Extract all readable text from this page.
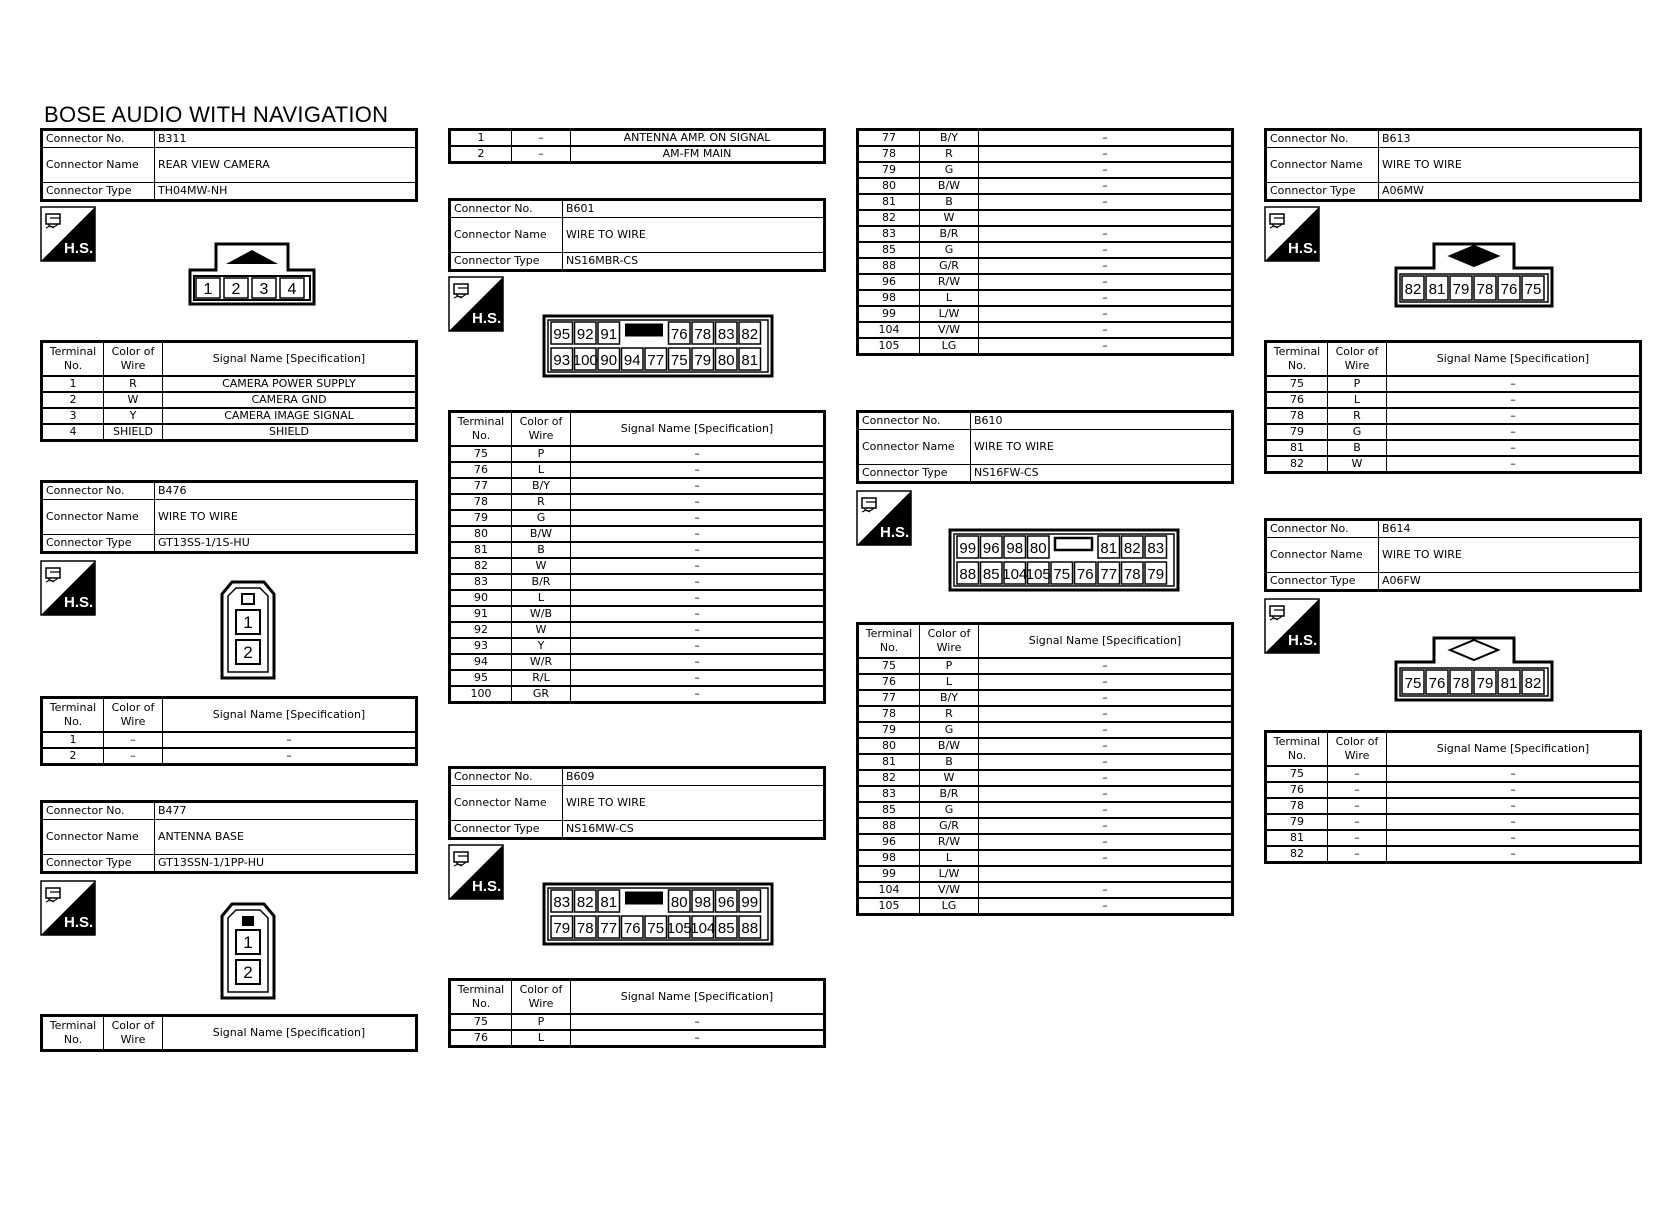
BOSE AUDIO WITH NAVIGATION
Connector No.	B311
Connector Name	REAR VIEW CAMERA
Connector Type	TH04MW-NH
H.S.
1 2 3 4
Terminal No.	Color of Wire	Signal Name [Specification]
1	R	CAMERA POWER SUPPLY
2	W	CAMERA GND
3	Y	CAMERA IMAGE SIGNAL
4	SHIELD	SHIELD
Connector No.	B476
Connector Name	WIRE TO WIRE
Connector Type	GT13SS-1/1S-HU
H.S.
1
2
Terminal No.	Color of Wire	Signal Name [Specification]
1	–	–
2	–	–
Connector No.	B477
Connector Name	ANTENNA BASE
Connector Type	GT13SSN-1/1PP-HU
H.S.
1
2
Terminal No.	Color of Wire	Signal Name [Specification]
1	–	ANTENNA AMP. ON SIGNAL
2	–	AM-FM MAIN
Connector No.	B601
Connector Name	WIRE TO WIRE
Connector Type	NS16MBR-CS
H.S.
95 92 91	76 78 83 82
93 100 90 94 77 75 79 80 81
Terminal No.	Color of Wire	Signal Name [Specification]
75	P	–
76	L	–
77	B/Y	–
78	R	–
79	G	–
80	B/W	–
81	B	–
82	W	–
83	B/R	–
90	L	–
91	W/B	–
92	W	–
93	Y	–
94	W/R	–
95	R/L	–
100	GR	–
Connector No.	B609
Connector Name	WIRE TO WIRE
Connector Type	NS16MW-CS
H.S.
83 82 81	80 98 96 99
79 78 77 76 75 105
104 85 88
Terminal No.	Color of Wire	Signal Name [Specification]
75	P	–
76	L	–
77	B/Y	–
78	R	–
79	G	–
80	B/W	–
81	B	–
82	W	
83	B/R	–
85	G	–
88	G/R	–
96	R/W	–
98	L	–
99	L/W	–
104	V/W	–
105	LG	–
Connector No.	B610
Connector Name	WIRE TO WIRE
Connector Type	NS16FW-CS
H.S.
99 96 98 80	81 82 83
88 85 104
105 75 76 77 78 79
Terminal No.	Color of Wire	Signal Name [Specification]
75	P	–
76	L	–
77	B/Y	–
78	R	–
79	G	–
80	B/W	–
81	B	–
82	W	–
83	B/R	–
85	G	–
88	G/R	–
96	R/W	–
98	L	–
99	L/W	
104	V/W	–
105	LG	–
Connector No.	B613
Connector Name	WIRE TO WIRE
Connector Type	A06MW
H.S.
82 81 79 78 76 75
Terminal No.	Color of Wire	Signal Name [Specification]
75	P	–
76	L	–
78	R	–
79	G	–
81	B	–
82	W	–
Connector No.	B614
Connector Name	WIRE TO WIRE
Connector Type	A06FW
H.S.
75 76 78 79 81 82
Terminal No.	Color of Wire	Signal Name [Specification]
75	–	–
76	–	–
78	–	–
79	–	–
81	–	–
82	–	–
